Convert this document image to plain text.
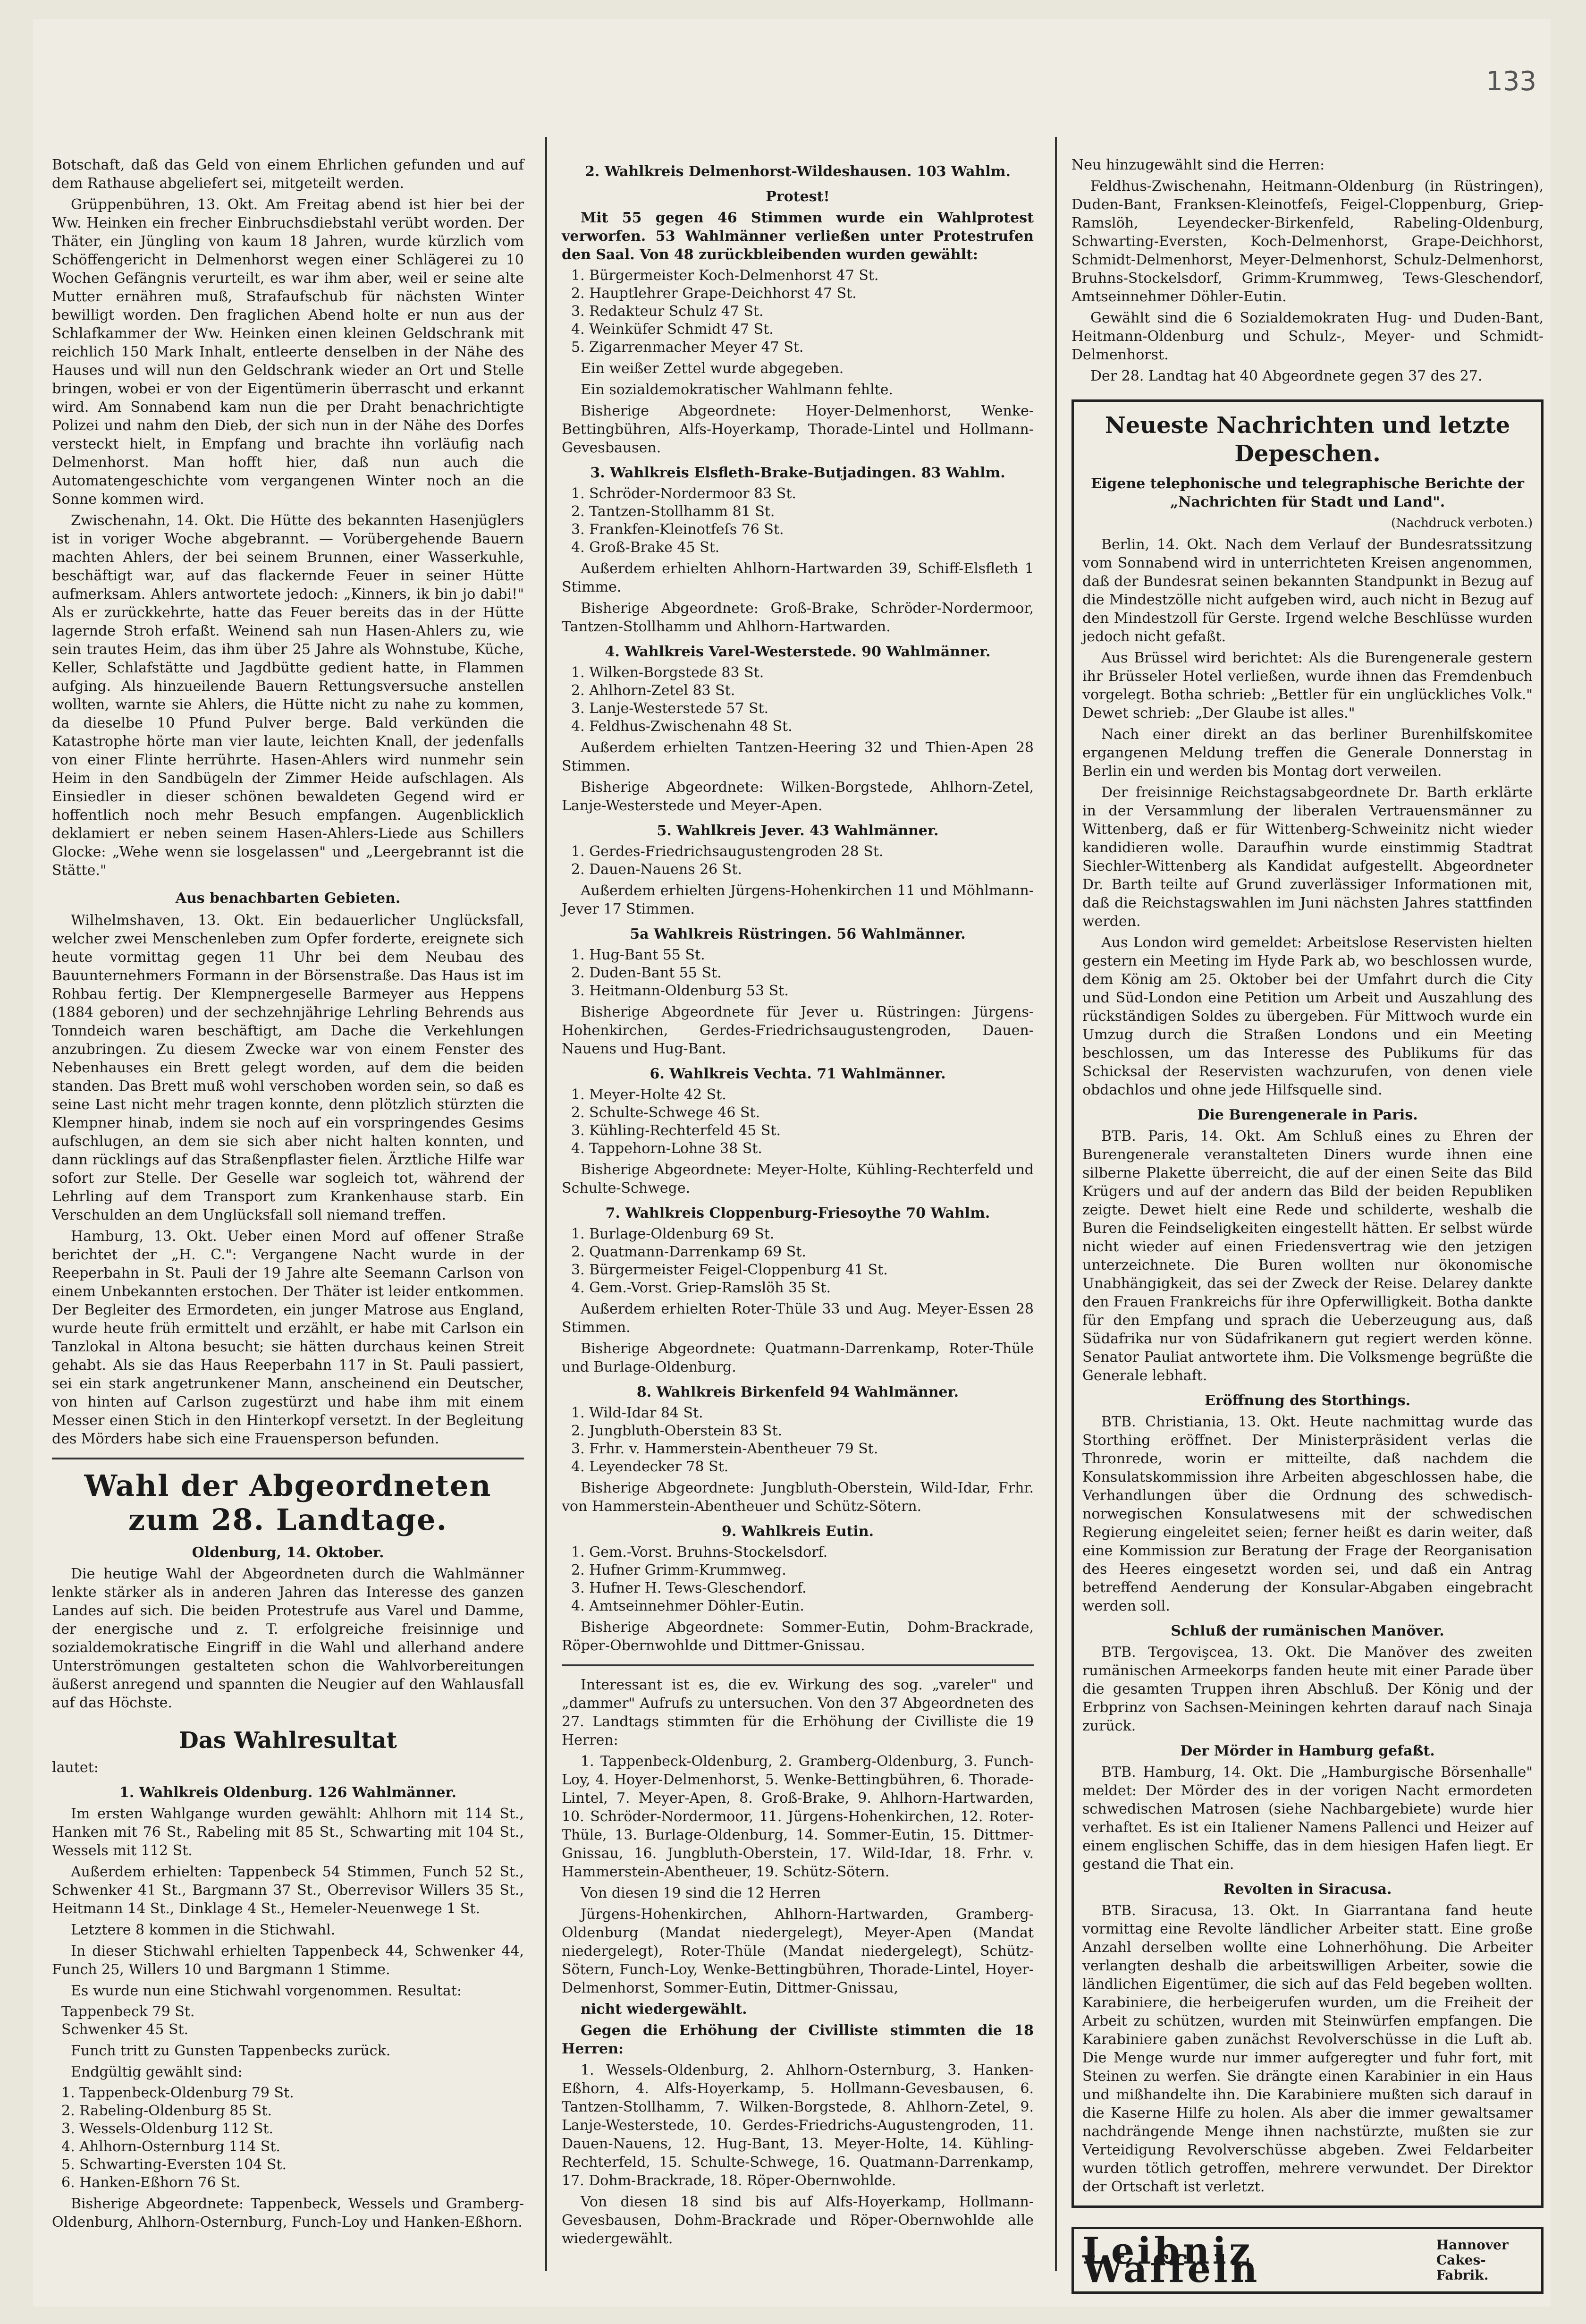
133

Botschaft, daß das Geld von einem Ehrlichen gefunden und auf dem Rathause abgeliefert sei, mitgeteilt werden.

Grüppenbühren, 13. Okt. Am Freitag abend ist hier bei der Ww. Heinken ein frecher Einbruchsdiebstahl verübt worden. Der Thäter, ein Jüngling von kaum 18 Jahren, wurde kürzlich vom Schöffengericht in Delmenhorst wegen einer Schlägerei zu 10 Wochen Gefängnis verurteilt, es war ihm aber, weil er seine alte Mutter ernähren muß, Strafaufschub für nächsten Winter bewilligt worden. Den fraglichen Abend holte er nun aus der Schlafkammer der Ww. Heinken einen kleinen Geldschrank mit reichlich 150 Mark Inhalt, entleerte denselben in der Nähe des Hauses und will nun den Geldschrank wieder an Ort und Stelle bringen, wobei er von der Eigentümerin überrascht und erkannt wird. Am Sonnabend kam nun die per Draht benachrichtigte Polizei und nahm den Dieb, der sich nun in der Nähe des Dorfes versteckt hielt, in Empfang und brachte ihn vorläufig nach Delmenhorst. Man hofft hier, daß nun auch die Automatengeschichte vom vergangenen Winter noch an die Sonne kommen wird.

Zwischenahn, 14. Okt. Die Hütte des bekannten Hasenjüglers ist in voriger Woche abgebrannt. — Vorübergehende Bauern machten Ahlers, der bei seinem Brunnen, einer Wasserkuhle, beschäftigt war, auf das flackernde Feuer in seiner Hütte aufmerksam. Ahlers antwortete jedoch: „Kinners, ik bin jo dabi!" Als er zurückkehrte, hatte das Feuer bereits das in der Hütte lagernde Stroh erfaßt. Weinend sah nun Hasen-Ahlers zu, wie sein trautes Heim, das ihm über 25 Jahre als Wohnstube, Küche, Keller, Schlafstätte und Jagdbütte gedient hatte, in Flammen aufging. Als hinzueilende Bauern Rettungsversuche anstellen wollten, warnte sie Ahlers, die Hütte nicht zu nahe zu kommen, da dieselbe 10 Pfund Pulver berge. Bald verkünden die Katastrophe hörte man vier laute, leichten Knall, der jedenfalls von einer Flinte herrührte. Hasen-Ahlers wird nunmehr sein Heim in den Sandbügeln der Zimmer Heide aufschlagen. Als Einsiedler in dieser schönen bewaldeten Gegend wird er hoffentlich noch mehr Besuch empfangen. Augenblicklich deklamiert er neben seinem Hasen-Ahlers-Liede aus Schillers Glocke: „Wehe wenn sie losgelassen" und „Leergebrannt ist die Stätte."

Aus benachbarten Gebieten.

Wilhelmshaven, 13. Okt. Ein bedauerlicher Unglücksfall, welcher zwei Menschenleben zum Opfer forderte, ereignete sich heute vormittag gegen 11 Uhr bei dem Neubau des Bauunternehmers Formann in der Börsenstraße. Das Haus ist im Rohbau fertig. Der Klempnergeselle Barmeyer aus Heppens (1884 geboren) und der sechzehnjährige Lehrling Behrends aus Tonndeich waren beschäftigt, am Dache die Verkehlungen anzubringen. Zu diesem Zwecke war von einem Fenster des Nebenhauses ein Brett gelegt worden, auf dem die beiden standen. Das Brett muß wohl verschoben worden sein, so daß es seine Last nicht mehr tragen konnte, denn plötzlich stürzten die Klempner hinab, indem sie noch auf ein vorspringendes Gesims aufschlugen, an dem sie sich aber nicht halten konnten, und dann rücklings auf das Straßenpflaster fielen. Ärztliche Hilfe war sofort zur Stelle. Der Geselle war sogleich tot, während der Lehrling auf dem Transport zum Krankenhause starb. Ein Verschulden an dem Unglücksfall soll niemand treffen.

Hamburg, 13. Okt. Ueber einen Mord auf offener Straße berichtet der „H. C.": Vergangene Nacht wurde in der Reeperbahn in St. Pauli der 19 Jahre alte Seemann Carlson von einem Unbekannten erstochen. Der Thäter ist leider entkommen. Der Begleiter des Ermordeten, ein junger Matrose aus England, wurde heute früh ermittelt und erzählt, er habe mit Carlson ein Tanzlokal in Altona besucht; sie hätten durchaus keinen Streit gehabt. Als sie das Haus Reeperbahn 117 in St. Pauli passiert, sei ein stark angetrunkener Mann, anscheinend ein Deutscher, von hinten auf Carlson zugestürzt und habe ihm mit einem Messer einen Stich in den Hinterkopf versetzt. In der Begleitung des Mörders habe sich eine Frauensperson befunden.

Wahl der Abgeordneten zum 28. Landtage.

Oldenburg, 14. Oktober.

Die heutige Wahl der Abgeordneten durch die Wahlmänner lenkte stärker als in anderen Jahren das Interesse des ganzen Landes auf sich. Die beiden Protestrufe aus Varel und Damme, der energische und z. T. erfolgreiche freisinnige und sozialdemokratische Eingriff in die Wahl und allerhand andere Unterströmungen gestalteten schon die Wahlvorbereitungen äußerst anregend und spannten die Neugier auf den Wahlausfall auf das Höchste.

Das Wahlresultat

lautet:

1. Wahlkreis Oldenburg. 126 Wahlmänner.

Im ersten Wahlgange wurden gewählt: Ahlhorn mit 114 St., Hanken mit 76 St., Rabeling mit 85 St., Schwarting mit 104 St., Wessels mit 112 St.

Außerdem erhielten: Tappenbeck 54 Stimmen, Funch 52 St., Schwenker 41 St., Bargmann 37 St., Oberrevisor Willers 35 St., Heitmann 14 St., Dinklage 4 St., Hemeler-Neuenwege 1 St.

Letztere 8 kommen in die Stichwahl.

In dieser Stichwahl erhielten Tappenbeck 44, Schwenker 44, Funch 25, Willers 10 und Bargmann 1 Stimme.

Es wurde nun eine Stichwahl vorgenommen. Resultat:

Tappenbeck 79 St.
Schwenker 45 St.

Funch tritt zu Gunsten Tappenbecks zurück.

Endgültig gewählt sind:

1. Tappenbeck-Oldenburg 79 St.
2. Rabeling-Oldenburg 85 St.
3. Wessels-Oldenburg 112 St.
4. Ahlhorn-Osternburg 114 St.
5. Schwarting-Eversten 104 St.
6. Hanken-Eßhorn 76 St.

Bisherige Abgeordnete: Tappenbeck, Wessels und Gramberg-Oldenburg, Ahlhorn-Osternburg, Funch-Loy und Hanken-Eßhorn.

2. Wahlkreis Delmenhorst-Wildeshausen. 103 Wahlm.

Protest!

Mit 55 gegen 46 Stimmen wurde ein Wahlprotest verworfen. 53 Wahlmänner verließen unter Protestrufen den Saal. Von 48 zurückbleibenden wurden gewählt:

1. Bürgermeister Koch-Delmenhorst 47 St.
2. Hauptlehrer Grape-Deichhorst 47 St.
3. Redakteur Schulz 47 St.
4. Weinküfer Schmidt 47 St.
5. Zigarrenmacher Meyer 47 St.

Ein weißer Zettel wurde abgegeben.

Ein sozialdemokratischer Wahlmann fehlte.

Bisherige Abgeordnete: Hoyer-Delmenhorst, Wenke-Bettingbühren, Alfs-Hoyerkamp, Thorade-Lintel und Hollmann-Gevesbausen.

3. Wahlkreis Elsfleth-Brake-Butjadingen. 83 Wahlm.

1. Schröder-Nordermoor 83 St.
2. Tantzen-Stollhamm 81 St.
3. Frankfen-Kleinotfeſs 76 St.
4. Groß-Brake 45 St.

Außerdem erhielten Ahlhorn-Hartwarden 39, Schiff-Elsfleth 1 Stimme.

Bisherige Abgeordnete: Groß-Brake, Schröder-Nordermoor, Tantzen-Stollhamm und Ahlhorn-Hartwarden.

4. Wahlkreis Varel-Westerstede. 90 Wahlmänner.

1. Wilken-Borgstede 83 St.
2. Ahlhorn-Zetel 83 St.
3. Lanje-Westerstede 57 St.
4. Feldhus-Zwischenahn 48 St.

Außerdem erhielten Tantzen-Heering 32 und Thien-Apen 28 Stimmen.

Bisherige Abgeordnete: Wilken-Borgstede, Ahlhorn-Zetel, Lanje-Westerstede und Meyer-Apen.

5. Wahlkreis Jever. 43 Wahlmänner.

1. Gerdes-Friedrichsaugustengroden 28 St.
2. Dauen-Nauens 26 St.

Außerdem erhielten Jürgens-Hohenkirchen 11 und Möhlmann-Jever 17 Stimmen.

5a Wahlkreis Rüstringen. 56 Wahlmänner.

1. Hug-Bant 55 St.
2. Duden-Bant 55 St.
3. Heitmann-Oldenburg 53 St.

Bisherige Abgeordnete für Jever u. Rüstringen: Jürgens-Hohenkirchen, Gerdes-Friedrichsaugustengroden, Dauen-Nauens und Hug-Bant.

6. Wahlkreis Vechta. 71 Wahlmänner.

1. Meyer-Holte 42 St.
2. Schulte-Schwege 46 St.
3. Kühling-Rechterfeld 45 St.
4. Tappehorn-Lohne 38 St.

Bisherige Abgeordnete: Meyer-Holte, Kühling-Rechterfeld und Schulte-Schwege.

7. Wahlkreis Cloppenburg-Friesoythe 70 Wahlm.

1. Burlage-Oldenburg 69 St.
2. Quatmann-Darrenkamp 69 St.
3. Bürgermeister Feigel-Cloppenburg 41 St.
4. Gem.-Vorst. Griep-Ramslöh 35 St.

Außerdem erhielten Roter-Thüle 33 und Aug. Meyer-Essen 28 Stimmen.

Bisherige Abgeordnete: Quatmann-Darrenkamp, Roter-Thüle und Burlage-Oldenburg.

8. Wahlkreis Birkenfeld 94 Wahlmänner.

1. Wild-Idar 84 St.
2. Jungbluth-Oberstein 83 St.
3. Frhr. v. Hammerstein-Abentheuer 79 St.
4. Leyendecker 78 St.

Bisherige Abgeordnete: Jungbluth-Oberstein, Wild-Idar, Frhr. von Hammerstein-Abentheuer und Schütz-Sötern.

9. Wahlkreis Eutin.

1. Gem.-Vorst. Bruhns-Stockelsdorf.
2. Hufner Grimm-Krummweg.
3. Hufner H. Tews-Gleschendorf.
4. Amtseinnehmer Döhler-Eutin.

Bisherige Abgeordnete: Sommer-Eutin, Dohm-Brackrade, Röper-Obernwohlde und Dittmer-Gnissau.

Interessant ist es, die ev. Wirkung des sog. „vareler" und „dammer" Aufrufs zu untersuchen. Von den 37 Abgeordneten des 27. Landtags stimmten für die Erhöhung der Civilliste die 19 Herren:

1. Tappenbeck-Oldenburg, 2. Gramberg-Oldenburg, 3. Funch-Loy, 4. Hoyer-Delmenhorst, 5. Wenke-Bettingbühren, 6. Thorade-Lintel, 7. Meyer-Apen, 8. Groß-Brake, 9. Ahlhorn-Hartwarden, 10. Schröder-Nordermoor, 11. Jürgens-Hohenkirchen, 12. Roter-Thüle, 13. Burlage-Oldenburg, 14. Sommer-Eutin, 15. Dittmer-Gnissau, 16. Jungbluth-Oberstein, 17. Wild-Idar, 18. Frhr. v. Hammerstein-Abentheuer, 19. Schütz-Sötern.

Von diesen 19 sind die 12 Herren

Jürgens-Hohenkirchen, Ahlhorn-Hartwarden, Gramberg-Oldenburg (Mandat niedergelegt), Meyer-Apen (Mandat niedergelegt), Roter-Thüle (Mandat niedergelegt), Schütz-Sötern, Funch-Loy, Wenke-Bettingbühren, Thorade-Lintel, Hoyer-Delmenhorst, Sommer-Eutin, Dittmer-Gnissau,

nicht wiedergewählt.

Gegen die Erhöhung der Civilliste stimmten die 18 Herren:

1. Wessels-Oldenburg, 2. Ahlhorn-Osternburg, 3. Hanken-Eßhorn, 4. Alfs-Hoyerkamp, 5. Hollmann-Gevesbausen, 6. Tantzen-Stollhamm, 7. Wilken-Borgstede, 8. Ahlhorn-Zetel, 9. Lanje-Westerstede, 10. Gerdes-Friedrichs-Augustengroden, 11. Dauen-Nauens, 12. Hug-Bant, 13. Meyer-Holte, 14. Kühling-Rechterfeld, 15. Schulte-Schwege, 16. Quatmann-Darrenkamp, 17. Dohm-Brackrade, 18. Röper-Obernwohlde.

Von diesen 18 sind bis auf Alfs-Hoyerkamp, Hollmann-Gevesbausen, Dohm-Brackrade und Röper-Obernwohlde alle wiedergewählt.

Neu hinzugewählt sind die Herren:

Feldhus-Zwischenahn, Heitmann-Oldenburg (in Rüstringen), Duden-Bant, Franksen-Kleinotfeſs, Feigel-Cloppenburg, Griep-Ramslöh, Leyendecker-Birkenfeld, Rabeling-Oldenburg, Schwarting-Eversten, Koch-Delmenhorst, Grape-Deichhorst, Schmidt-Delmenhorst, Meyer-Delmenhorst, Schulz-Delmenhorst, Bruhns-Stockelsdorf, Grimm-Krummweg, Tews-Gleschendorf, Amtseinnehmer Döhler-Eutin.

Gewählt sind die 6 Sozialdemokraten Hug- und Duden-Bant, Heitmann-Oldenburg und Schulz-, Meyer- und Schmidt-Delmenhorst.

Der 28. Landtag hat 40 Abgeordnete gegen 37 des 27.

Neueste Nachrichten und letzte Depeschen.

Eigene telephonische und telegraphische Berichte der „Nachrichten für Stadt und Land".

(Nachdruck verboten.)

Berlin, 14. Okt. Nach dem Verlauf der Bundesratssitzung vom Sonnabend wird in unterrichteten Kreisen angenommen, daß der Bundesrat seinen bekannten Standpunkt in Bezug auf die Mindestzölle nicht aufgeben wird, auch nicht in Bezug auf den Mindestzoll für Gerste. Irgend welche Beschlüsse wurden jedoch nicht gefaßt.

Aus Brüssel wird berichtet: Als die Burengenerale gestern ihr Brüsseler Hotel verließen, wurde ihnen das Fremdenbuch vorgelegt. Botha schrieb: „Bettler für ein unglückliches Volk." Dewet schrieb: „Der Glaube ist alles."

Nach einer direkt an das berliner Burenhilfskomitee ergangenen Meldung treffen die Generale Donnerstag in Berlin ein und werden bis Montag dort verweilen.

Der freisinnige Reichstagsabgeordnete Dr. Barth erklärte in der Versammlung der liberalen Vertrauensmänner zu Wittenberg, daß er für Wittenberg-Schweinitz nicht wieder kandidieren wolle. Daraufhin wurde einstimmig Stadtrat Siechler-Wittenberg als Kandidat aufgestellt. Abgeordneter Dr. Barth teilte auf Grund zuverlässiger Informationen mit, daß die Reichstagswahlen im Juni nächsten Jahres stattfinden werden.

Aus London wird gemeldet: Arbeitslose Reservisten hielten gestern ein Meeting im Hyde Park ab, wo beschlossen wurde, dem König am 25. Oktober bei der Umfahrt durch die City und Süd-London eine Petition um Arbeit und Auszahlung des rückständigen Soldes zu übergeben. Für Mittwoch wurde ein Umzug durch die Straßen Londons und ein Meeting beschlossen, um das Interesse des Publikums für das Schicksal der Reservisten wachzurufen, von denen viele obdachlos und ohne jede Hilfsquelle sind.

Die Burengenerale in Paris.

BTB. Paris, 14. Okt. Am Schluß eines zu Ehren der Burengenerale veranstalteten Diners wurde ihnen eine silberne Plakette überreicht, die auf der einen Seite das Bild Krügers und auf der andern das Bild der beiden Republiken zeigte. Dewet hielt eine Rede und schilderte, weshalb die Buren die Feindseligkeiten eingestellt hätten. Er selbst würde nicht wieder auf einen Friedensvertrag wie den jetzigen unterzeichnete. Die Buren wollten nur ökonomische Unabhängigkeit, das sei der Zweck der Reise. Delarey dankte den Frauen Frankreichs für ihre Opferwilligkeit. Botha dankte für den Empfang und sprach die Ueberzeugung aus, daß Südafrika nur von Südafrikanern gut regiert werden könne. Senator Pauliat antwortete ihm. Die Volksmenge begrüßte die Generale lebhaft.

Eröffnung des Storthings.

BTB. Christiania, 13. Okt. Heute nachmittag wurde das Storthing eröffnet. Der Ministerpräsident verlas die Thronrede, worin er mitteilte, daß nachdem die Konsulatskommission ihre Arbeiten abgeschlossen habe, die Verhandlungen über die Ordnung des schwedisch-norwegischen Konsulatwesens mit der schwedischen Regierung eingeleitet seien; ferner heißt es darin weiter, daß eine Kommission zur Beratung der Frage der Reorganisation des Heeres eingesetzt worden sei, und daß ein Antrag betreffend Aenderung der Konsular-Abgaben eingebracht werden soll.

Schluß der rumänischen Manöver.

BTB. Tergovişcea, 13. Okt. Die Manöver des zweiten rumänischen Armeekorps fanden heute mit einer Parade über die gesamten Truppen ihren Abschluß. Der König und der Erbprinz von Sachsen-Meiningen kehrten darauf nach Sinaja zurück.

Der Mörder in Hamburg gefaßt.

BTB. Hamburg, 14. Okt. Die „Hamburgische Börsenhalle" meldet: Der Mörder des in der vorigen Nacht ermordeten schwedischen Matrosen (siehe Nachbargebiete) wurde hier verhaftet. Es ist ein Italiener Namens Pallenci und Heizer auf einem englischen Schiffe, das in dem hiesigen Hafen liegt. Er gestand die That ein.

Revolten in Siracusa.

BTB. Siracusa, 13. Okt. In Giarrantana fand heute vormittag eine Revolte ländlicher Arbeiter statt. Eine große Anzahl derselben wollte eine Lohnerhöhung. Die Arbeiter verlangten deshalb die arbeitswilligen Arbeiter, sowie die ländlichen Eigentümer, die sich auf das Feld begeben wollten. Karabiniere, die herbeigerufen wurden, um die Freiheit der Arbeit zu schützen, wurden mit Steinwürfen empfangen. Die Karabiniere gaben zunächst Revolverschüsse in die Luft ab. Die Menge wurde nur immer aufgeregter und fuhr fort, mit Steinen zu werfen. Sie drängte einen Karabinier in ein Haus und mißhandelte ihn. Die Karabiniere mußten sich darauf in die Kaserne Hilfe zu holen. Als aber die immer gewaltsamer nachdrängende Menge ihnen nachstürzte, mußten sie zur Verteidigung Revolverschüsse abgeben. Zwei Feldarbeiter wurden tötlich getroffen, mehrere verwundet. Der Direktor der Ortschaft ist verletzt.

Leibniz Waffeln
Hannover
Cakes-Fabrik.
